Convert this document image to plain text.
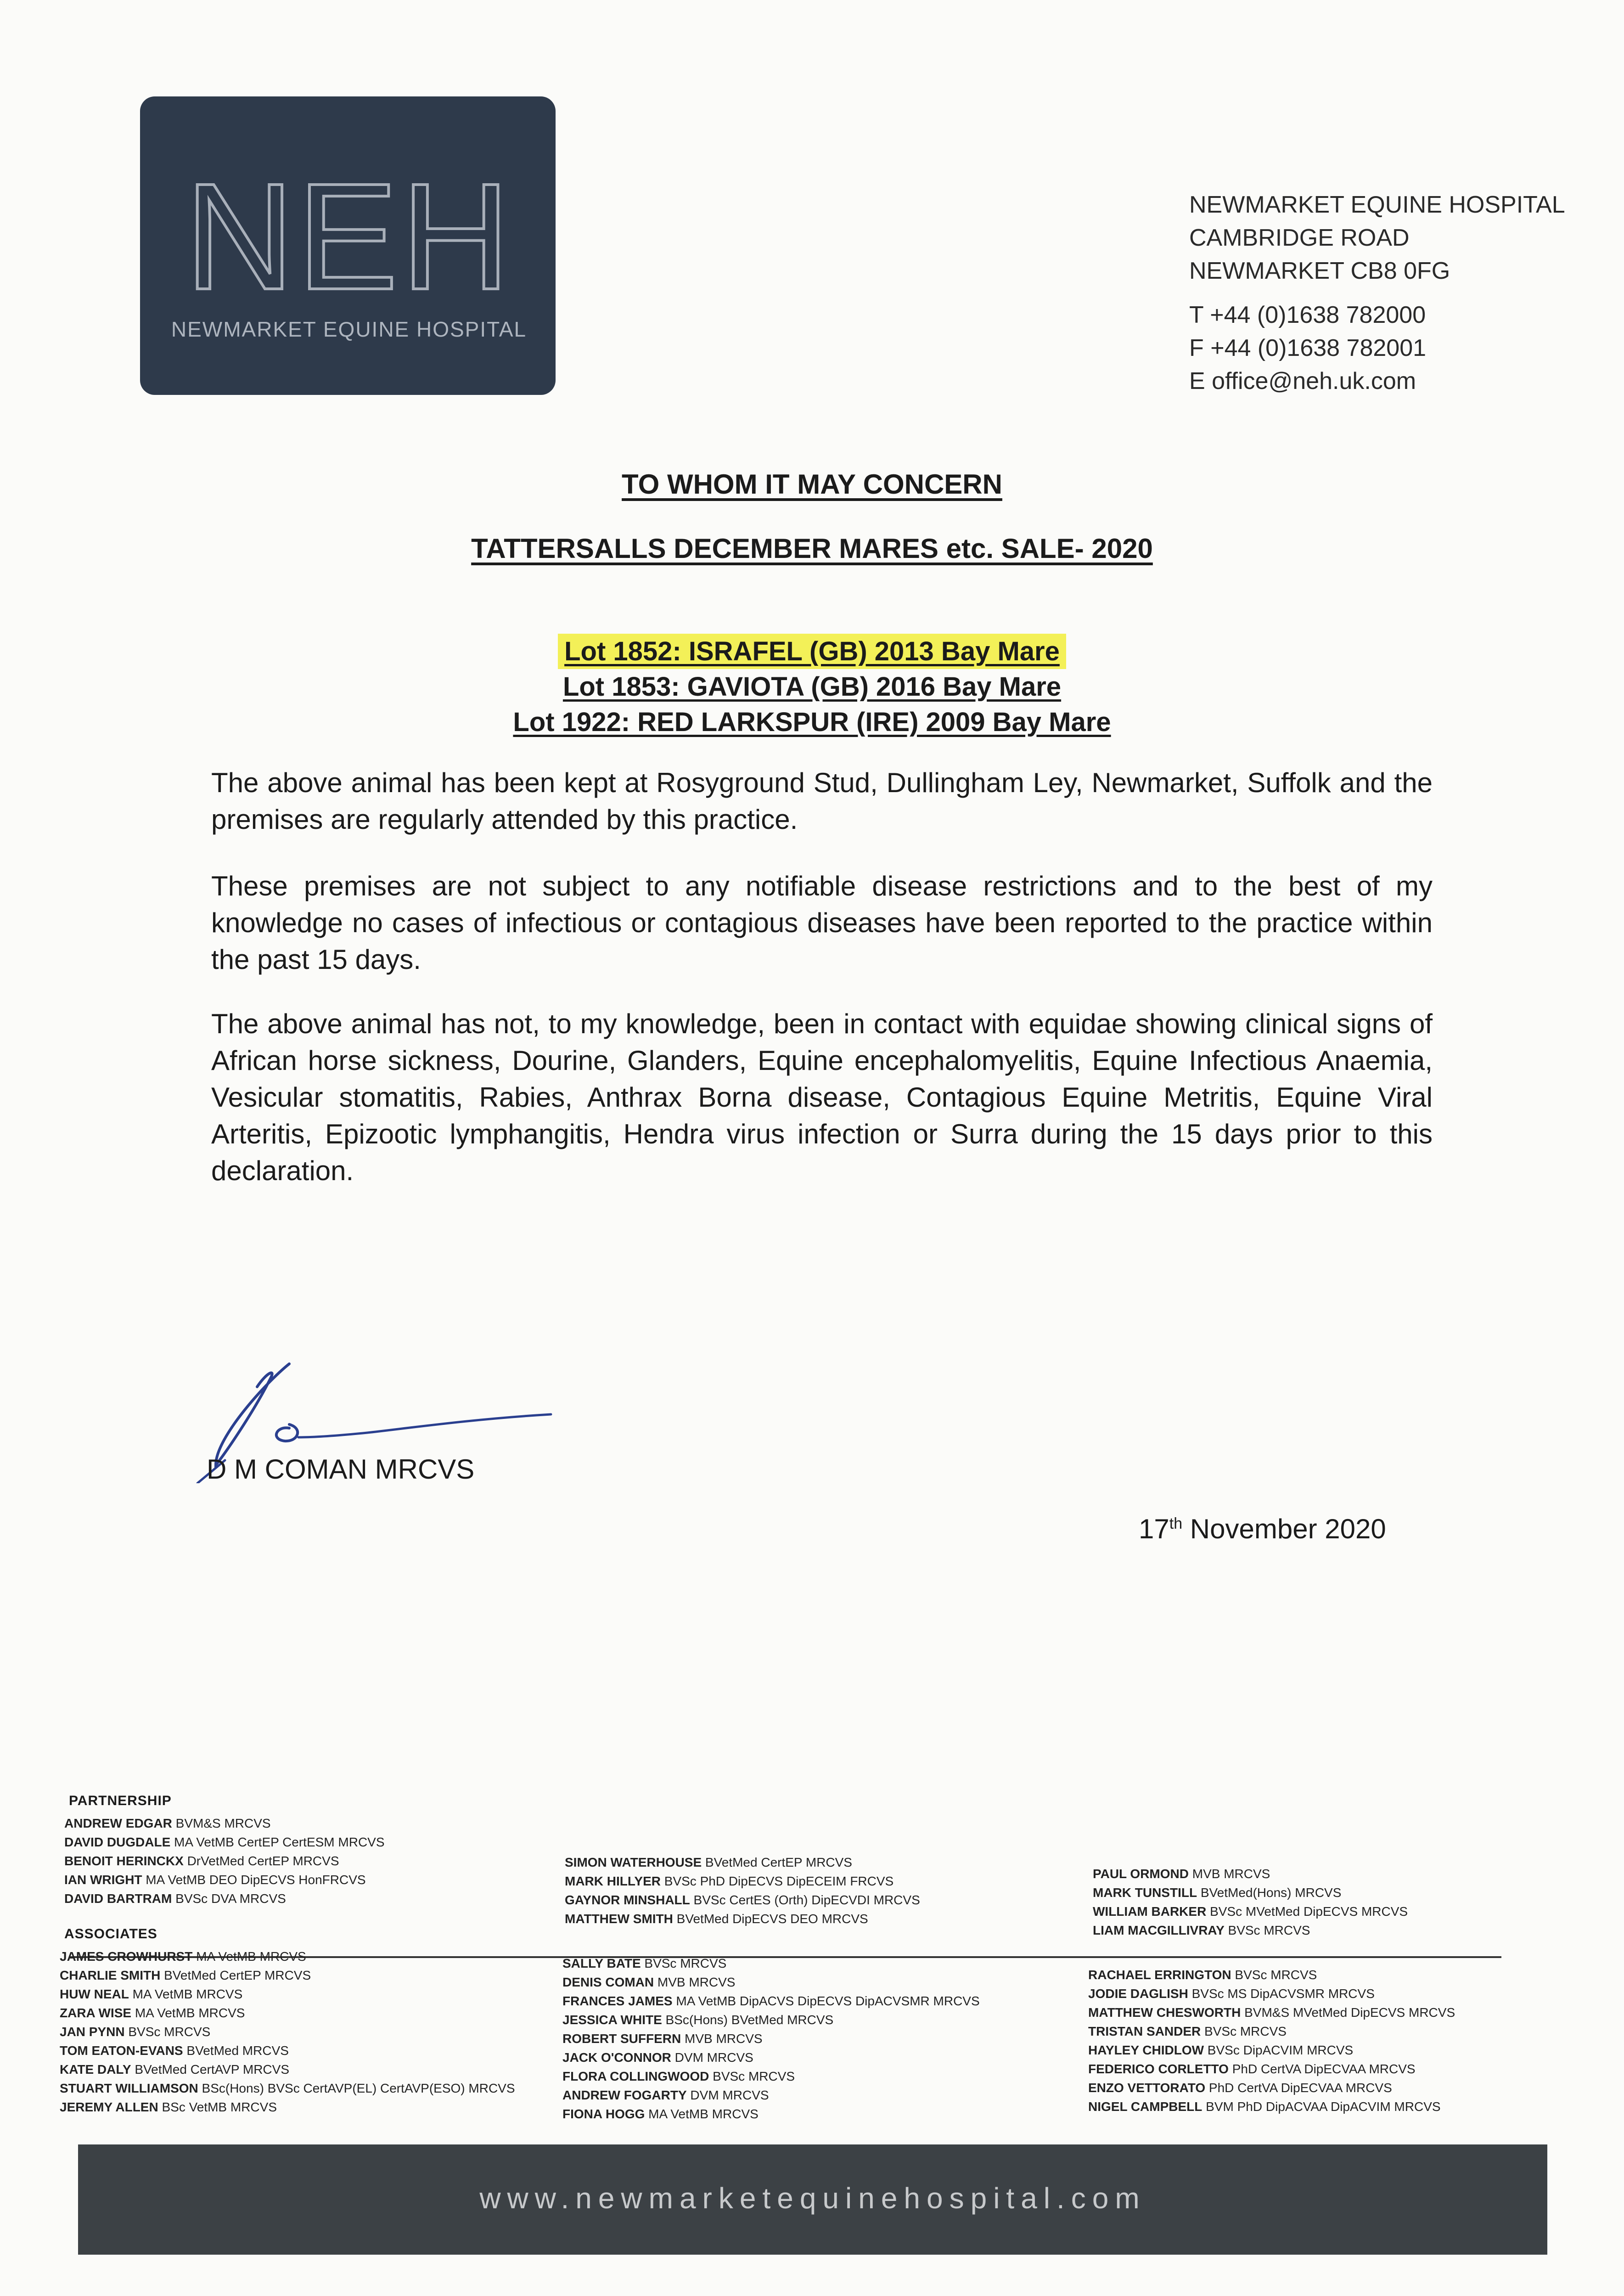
NEH
NEWMARKET EQUINE HOSPITAL
NEWMARKET EQUINE HOSPITAL
CAMBRIDGE ROAD
NEWMARKET CB8 0FG
T +44 (0)1638 782000
F +44 (0)1638 782001
E office@neh.uk.com
TO WHOM IT MAY CONCERN
TATTERSALLS DECEMBER MARES etc. SALE- 2020
Lot 1852: ISRAFEL (GB) 2013 Bay Mare
Lot 1853: GAVIOTA (GB) 2016 Bay Mare
Lot 1922: RED LARKSPUR (IRE) 2009 Bay Mare
The above animal has been kept at Rosyground Stud, Dullingham Ley, Newmarket, Suffolk and the premises are regularly attended by this practice.
These premises are not subject to any notifiable disease restrictions and to the best of my knowledge no cases of infectious or contagious diseases have been reported to the practice within the past 15 days.
The above animal has not, to my knowledge, been in contact with equidae showing clinical signs of African horse sickness, Dourine, Glanders, Equine encephalomyelitis, Equine Infectious Anaemia, Vesicular stomatitis, Rabies, Anthrax Borna disease, Contagious Equine Metritis, Equine Viral Arteritis, Epizootic lymphangitis, Hendra virus infection or Surra during the 15 days prior to this declaration.
D M COMAN MRCVS
17th November 2020
PARTNERSHIP
ANDREW EDGAR BVM&S MRCVS
DAVID DUGDALE MA VetMB CertEP CertESM MRCVS
BENOIT HERINCKX DrVetMed CertEP MRCVS
IAN WRIGHT MA VetMB DEO DipECVS HonFRCVS
DAVID BARTRAM BVSc DVA MRCVS
SIMON WATERHOUSE BVetMed CertEP MRCVS
MARK HILLYER BVSc PhD DipECVS DipECEIM FRCVS
GAYNOR MINSHALL BVSc CertES (Orth) DipECVDI MRCVS
MATTHEW SMITH BVetMed DipECVS DEO MRCVS
PAUL ORMOND MVB MRCVS
MARK TUNSTILL BVetMed(Hons) MRCVS
WILLIAM BARKER BVSc MVetMed DipECVS MRCVS
LIAM MACGILLIVRAY BVSc MRCVS
ASSOCIATES
JAMES CROWHURST MA VetMB MRCVS
CHARLIE SMITH BVetMed CertEP MRCVS
HUW NEAL MA VetMB MRCVS
ZARA WISE MA VetMB MRCVS
JAN PYNN BVSc MRCVS
TOM EATON-EVANS BVetMed MRCVS
KATE DALY BVetMed CertAVP MRCVS
STUART WILLIAMSON BSc(Hons) BVSc CertAVP(EL) CertAVP(ESO) MRCVS
JEREMY ALLEN BSc VetMB MRCVS
SALLY BATE BVSc MRCVS
DENIS COMAN MVB MRCVS
FRANCES JAMES MA VetMB DipACVS DipECVS DipACVSMR MRCVS
JESSICA WHITE BSc(Hons) BVetMed MRCVS
ROBERT SUFFERN MVB MRCVS
JACK O'CONNOR DVM MRCVS
FLORA COLLINGWOOD BVSc MRCVS
ANDREW FOGARTY DVM MRCVS
FIONA HOGG MA VetMB MRCVS
RACHAEL ERRINGTON BVSc MRCVS
JODIE DAGLISH BVSc MS DipACVSMR MRCVS
MATTHEW CHESWORTH BVM&S MVetMed DipECVS MRCVS
TRISTAN SANDER BVSc MRCVS
HAYLEY CHIDLOW BVSc DipACVIM MRCVS
FEDERICO CORLETTO PhD CertVA DipECVAA MRCVS
ENZO VETTORATO PhD CertVA DipECVAA MRCVS
NIGEL CAMPBELL BVM PhD DipACVAA DipACVIM MRCVS
www.newmarketequinehospital.com
